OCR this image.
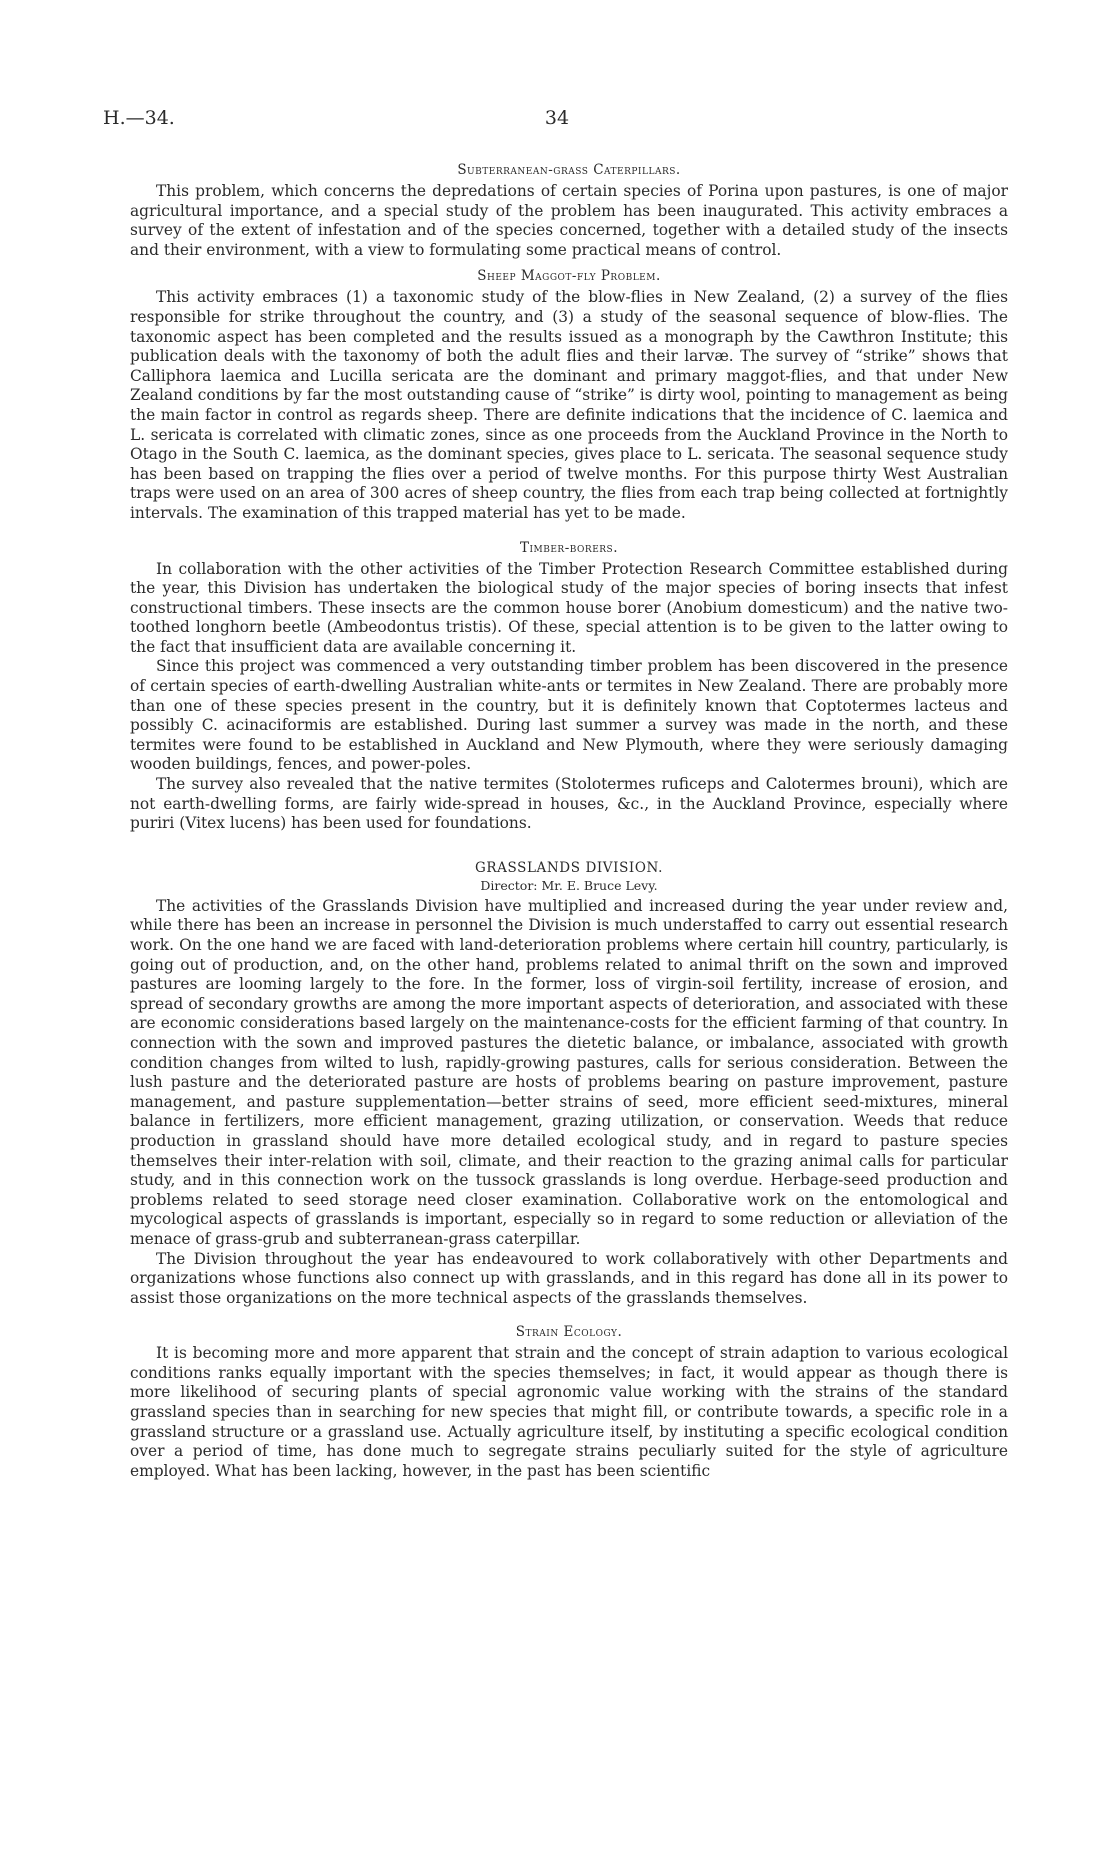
H.—34.	34
Subterranean-grass Caterpillars.

This problem, which concerns the depredations of certain species of Porina upon pastures, is one of major agricultural importance, and a special study of the problem has been inaugurated. This activity embraces a survey of the extent of infestation and of the species concerned, together with a detailed study of the insects and their environment, with a view to formulating some practical means of control.

Sheep Maggot-fly Problem.

This activity embraces (1) a taxonomic study of the blow-flies in New Zealand, (2) a survey of the flies responsible for strike throughout the country, and (3) a study of the seasonal sequence of blow-flies. The taxonomic aspect has been completed and the results issued as a monograph by the Cawthron Institute; this publication deals with the taxonomy of both the adult flies and their larvæ. The survey of “strike” shows that Calliphora laemica and Lucilla sericata are the dominant and primary maggot-flies, and that under New Zealand conditions by far the most outstanding cause of “strike” is dirty wool, pointing to management as being the main factor in control as regards sheep. There are definite indications that the incidence of C. laemica and L. sericata is correlated with climatic zones, since as one proceeds from the Auckland Province in the North to Otago in the South C. laemica, as the dominant species, gives place to L. sericata. The seasonal sequence study has been based on trapping the flies over a period of twelve months. For this purpose thirty West Australian traps were used on an area of 300 acres of sheep country, the flies from each trap being collected at fortnightly intervals. The examination of this trapped material has yet to be made.

Timber-borers.

In collaboration with the other activities of the Timber Protection Research Committee established during the year, this Division has undertaken the biological study of the major species of boring insects that infest constructional timbers. These insects are the common house borer (Anobium domesticum) and the native two-toothed longhorn beetle (Ambeodontus tristis). Of these, special attention is to be given to the latter owing to the fact that insufficient data are available concerning it.

Since this project was commenced a very outstanding timber problem has been discovered in the presence of certain species of earth-dwelling Australian white-ants or termites in New Zealand. There are probably more than one of these species present in the country, but it is definitely known that Coptotermes lacteus and possibly C. acinaciformis are established. During last summer a survey was made in the north, and these termites were found to be established in Auckland and New Plymouth, where they were seriously damaging wooden buildings, fences, and power-poles.

The survey also revealed that the native termites (Stolotermes ruficeps and Calotermes brouni), which are not earth-dwelling forms, are fairly wide-spread in houses, &c., in the Auckland Province, especially where puriri (Vitex lucens) has been used for foundations.

GRASSLANDS DIVISION.
Director: Mr. E. Bruce Levy.

The activities of the Grasslands Division have multiplied and increased during the year under review and, while there has been an increase in personnel the Division is much understaffed to carry out essential research work. On the one hand we are faced with land-deterioration problems where certain hill country, particularly, is going out of production, and, on the other hand, problems related to animal thrift on the sown and improved pastures are looming largely to the fore. In the former, loss of virgin-soil fertility, increase of erosion, and spread of secondary growths are among the more important aspects of deterioration, and associated with these are economic considerations based largely on the maintenance-costs for the efficient farming of that country. In connection with the sown and improved pastures the dietetic balance, or imbalance, associated with growth condition changes from wilted to lush, rapidly-growing pastures, calls for serious consideration. Between the lush pasture and the deteriorated pasture are hosts of problems bearing on pasture improvement, pasture management, and pasture supplementation—better strains of seed, more efficient seed-mixtures, mineral balance in fertilizers, more efficient management, grazing utilization, or conservation. Weeds that reduce production in grassland should have more detailed ecological study, and in regard to pasture species themselves their inter-relation with soil, climate, and their reaction to the grazing animal calls for particular study, and in this connection work on the tussock grasslands is long overdue. Herbage-seed production and problems related to seed storage need closer examination. Collaborative work on the entomological and mycological aspects of grasslands is important, especially so in regard to some reduction or alleviation of the menace of grass-grub and subterranean-grass caterpillar.

The Division throughout the year has endeavoured to work collaboratively with other Departments and organizations whose functions also connect up with grasslands, and in this regard has done all in its power to assist those organizations on the more technical aspects of the grasslands themselves.

Strain Ecology.

It is becoming more and more apparent that strain and the concept of strain adaption to various ecological conditions ranks equally important with the species themselves; in fact, it would appear as though there is more likelihood of securing plants of special agronomic value working with the strains of the standard grassland species than in searching for new species that might fill, or contribute towards, a specific role in a grassland structure or a grassland use. Actually agriculture itself, by instituting a specific ecological condition over a period of time, has done much to segregate strains peculiarly suited for the style of agriculture employed. What has been lacking, however, in the past has been scientific
